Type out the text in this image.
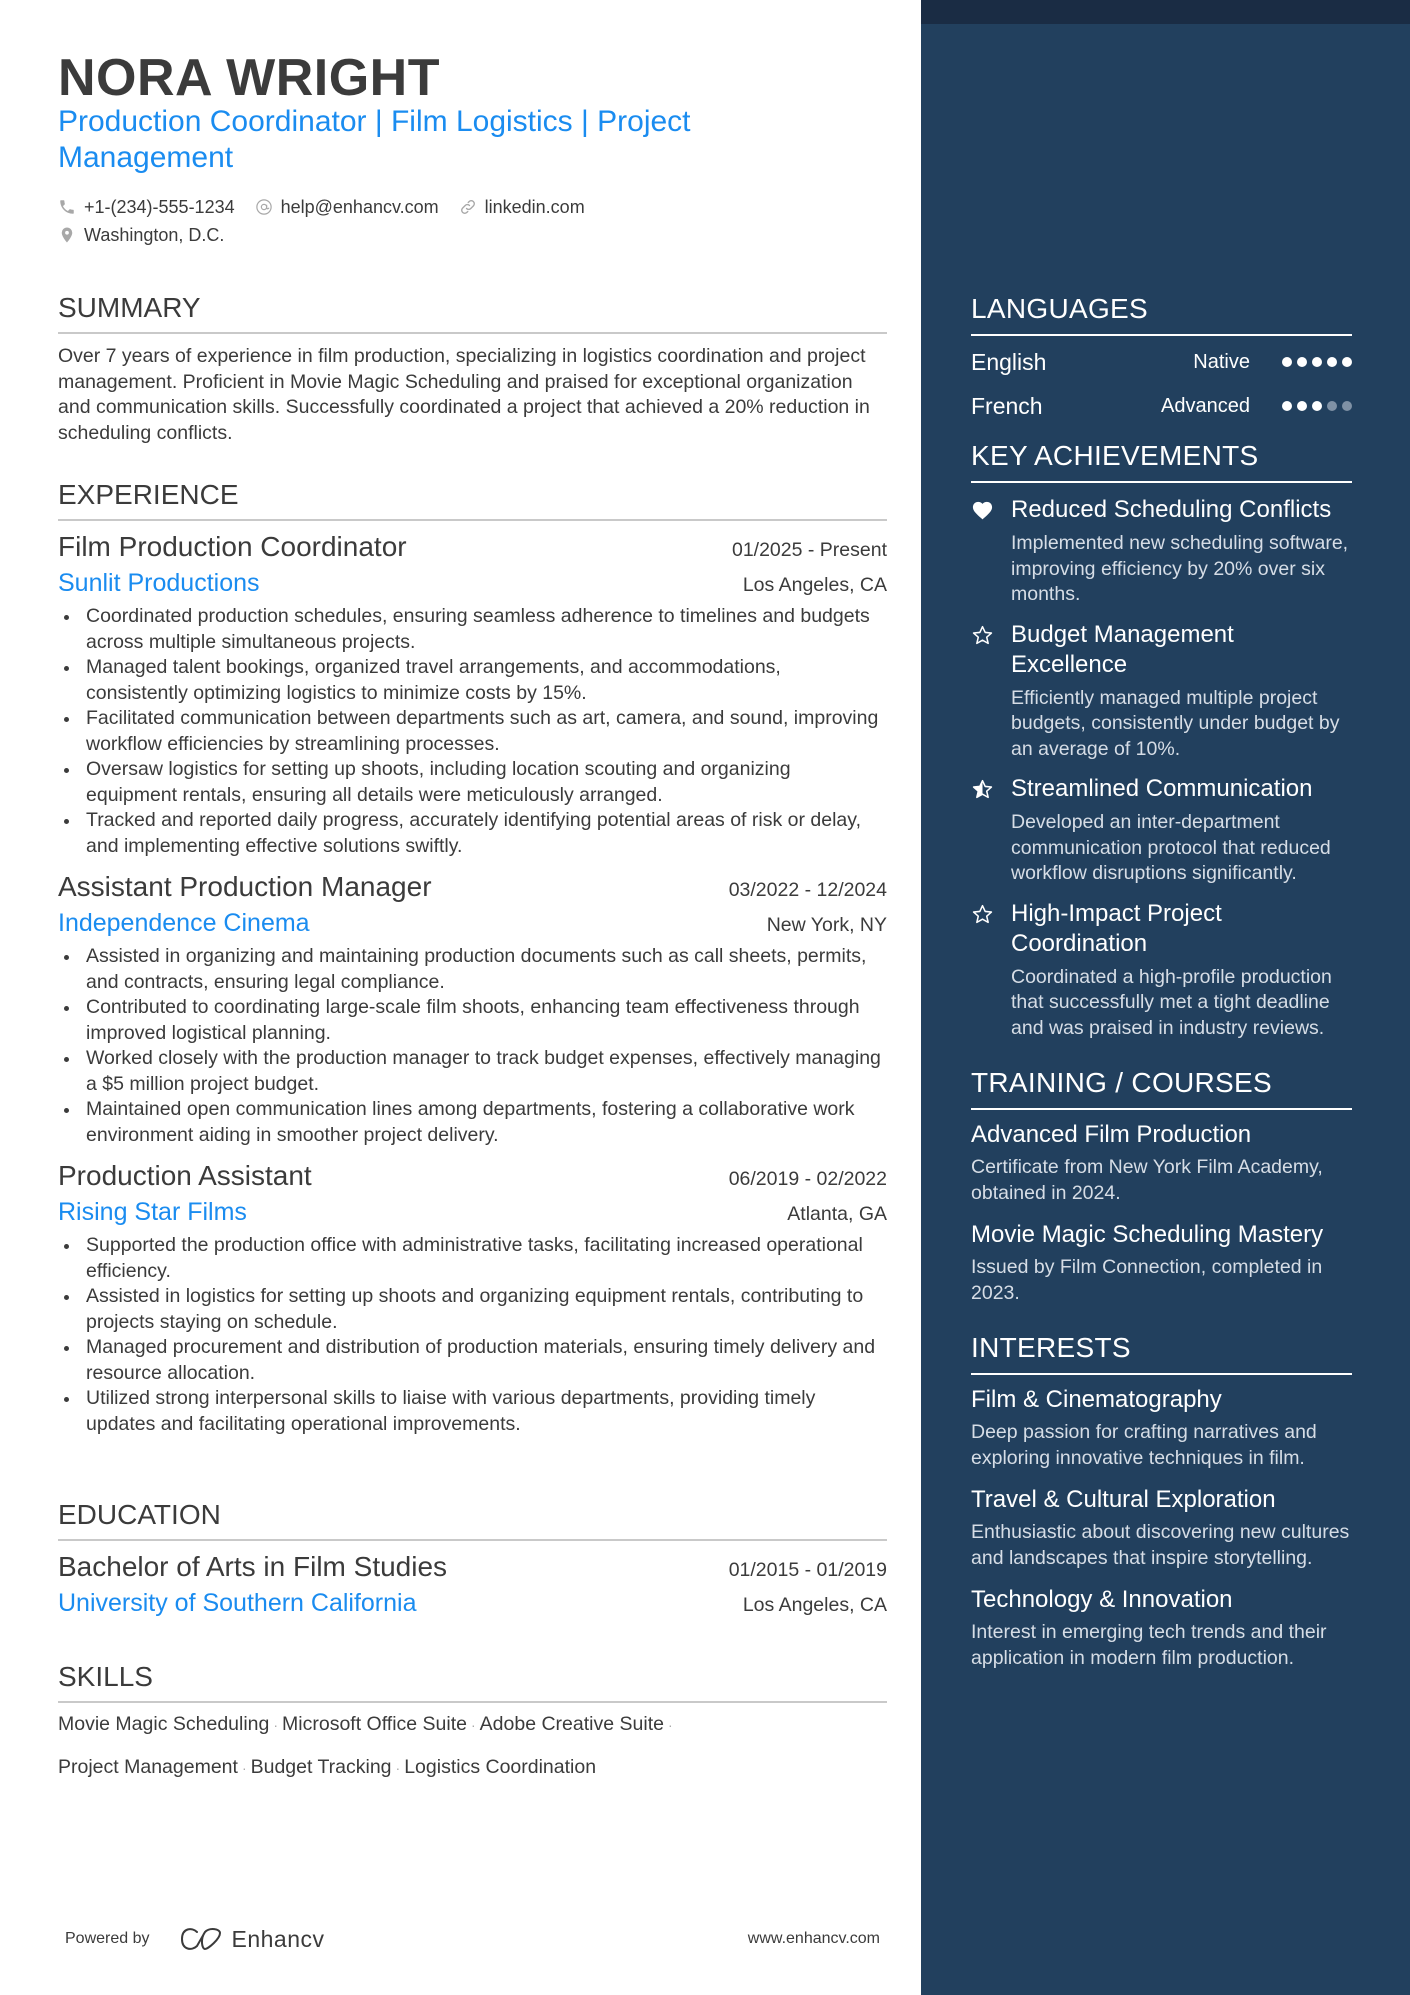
NORA WRIGHT
Production Coordinator | Film Logistics | Project Management
+1-(234)-555-1234	help@enhancv.com	linkedin.com
Washington, D.C.
SUMMARY
Over 7 years of experience in film production, specializing in logistics coordination and project management. Proficient in Movie Magic Scheduling and praised for exceptional organization and communication skills. Successfully coordinated a project that achieved a 20% reduction in scheduling conflicts.
EXPERIENCE
Film Production Coordinator	01/2025 - Present
Sunlit Productions	Los Angeles, CA
Coordinated production schedules, ensuring seamless adherence to timelines and budgets across multiple simultaneous projects.
Managed talent bookings, organized travel arrangements, and accommodations, consistently optimizing logistics to minimize costs by 15%.
Facilitated communication between departments such as art, camera, and sound, improving workflow efficiencies by streamlining processes.
Oversaw logistics for setting up shoots, including location scouting and organizing equipment rentals, ensuring all details were meticulously arranged.
Tracked and reported daily progress, accurately identifying potential areas of risk or delay, and implementing effective solutions swiftly.
Assistant Production Manager	03/2022 - 12/2024
Independence Cinema	New York, NY
Assisted in organizing and maintaining production documents such as call sheets, permits, and contracts, ensuring legal compliance.
Contributed to coordinating large-scale film shoots, enhancing team effectiveness through improved logistical planning.
Worked closely with the production manager to track budget expenses, effectively managing a $5 million project budget.
Maintained open communication lines among departments, fostering a collaborative work environment aiding in smoother project delivery.
Production Assistant	06/2019 - 02/2022
Rising Star Films	Atlanta, GA
Supported the production office with administrative tasks, facilitating increased operational efficiency.
Assisted in logistics for setting up shoots and organizing equipment rentals, contributing to projects staying on schedule.
Managed procurement and distribution of production materials, ensuring timely delivery and resource allocation.
Utilized strong interpersonal skills to liaise with various departments, providing timely updates and facilitating operational improvements.
EDUCATION
Bachelor of Arts in Film Studies	01/2015 - 01/2019
University of Southern California	Los Angeles, CA
SKILLS
Movie Magic Scheduling · Microsoft Office Suite · Adobe Creative Suite ·
Project Management · Budget Tracking · Logistics Coordination
Powered by	Enhancv	www.enhancv.com
LANGUAGES
English	Native
French	Advanced
KEY ACHIEVEMENTS
Reduced Scheduling Conflicts
Implemented new scheduling software, improving efficiency by 20% over six months.
Budget Management Excellence
Efficiently managed multiple project budgets, consistently under budget by an average of 10%.
Streamlined Communication
Developed an inter-department communication protocol that reduced workflow disruptions significantly.
High-Impact Project Coordination
Coordinated a high-profile production that successfully met a tight deadline and was praised in industry reviews.
TRAINING / COURSES
Advanced Film Production
Certificate from New York Film Academy, obtained in 2024.
Movie Magic Scheduling Mastery
Issued by Film Connection, completed in 2023.
INTERESTS
Film & Cinematography
Deep passion for crafting narratives and exploring innovative techniques in film.
Travel & Cultural Exploration
Enthusiastic about discovering new cultures and landscapes that inspire storytelling.
Technology & Innovation
Interest in emerging tech trends and their application in modern film production.
